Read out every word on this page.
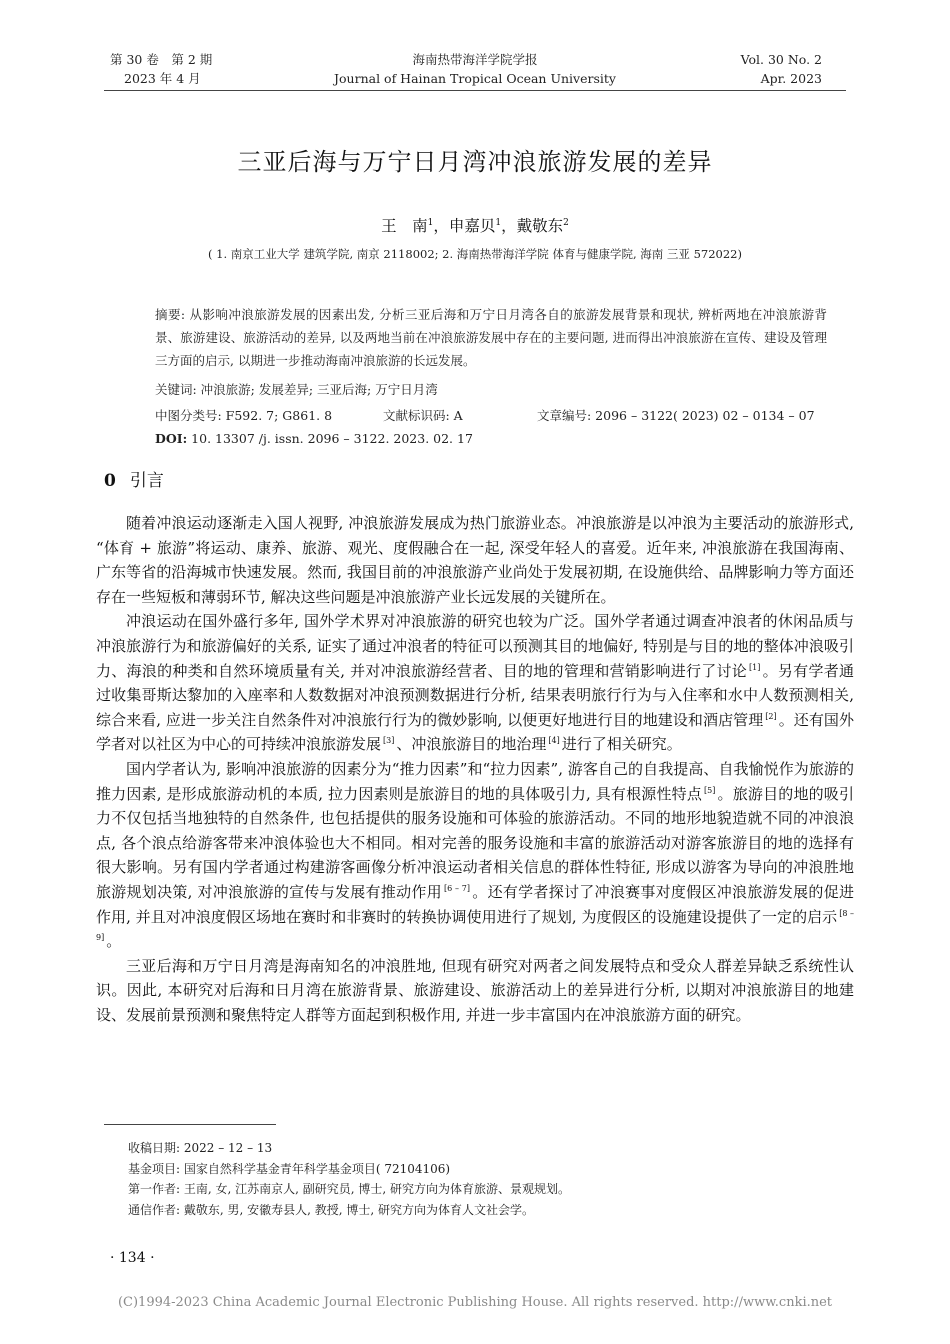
第 30 卷　第 2 期
2023 年 4 月
海南热带海洋学院学报
Journal of Hainan Tropical Ocean University
Vol. 30 No. 2
Apr. 2023
三亚后海与万宁日月湾冲浪旅游发展的差异
王　南$^1$，申嘉贝$^1$，戴敬东$^2$
( 1. 南京工业大学 建筑学院, 南京 2118002; 2. 海南热带海洋学院 体育与健康学院, 海南 三亚 572022)
摘要: 从影响冲浪旅游发展的因素出发, 分析三亚后海和万宁日月湾各自的旅游发展背景和现状, 辨析两地在冲浪旅游背景、旅游建设、旅游活动的差异, 以及两地当前在冲浪旅游发展中存在的主要问题, 进而得出冲浪旅游在宣传、建设及管理三方面的启示, 以期进一步推动海南冲浪旅游的长远发展。
关键词: 冲浪旅游; 发展差异; 三亚后海; 万宁日月湾
中图分类号: F592. 7; G861. 8	文献标识码: A	文章编号: 2096 – 3122( 2023) 02 – 0134 – 07
DOI: 10. 13307 /j. issn. 2096 – 3122. 2023. 02. 17
0 引言

随着冲浪运动逐渐走入国人视野, 冲浪旅游发展成为热门旅游业态。冲浪旅游是以冲浪为主要活动的旅游形式, “体育 + 旅游”将运动、康养、旅游、观光、度假融合在一起, 深受年轻人的喜爱。近年来, 冲浪旅游在我国海南、广东等省的沿海城市快速发展。然而, 我国目前的冲浪旅游产业尚处于发展初期, 在设施供给、品牌影响力等方面还存在一些短板和薄弱环节, 解决这些问题是冲浪旅游产业长远发展的关键所在。

冲浪运动在国外盛行多年, 国外学术界对冲浪旅游的研究也较为广泛。国外学者通过调查冲浪者的休闲品质与冲浪旅游行为和旅游偏好的关系, 证实了通过冲浪者的特征可以预测其目的地偏好, 特别是与目的地的整体冲浪吸引力、海浪的种类和自然环境质量有关, 并对冲浪旅游经营者、目的地的管理和营销影响进行了讨论 [1] 。另有学者通过收集哥斯达黎加的入座率和人数数据对冲浪预测数据进行分析, 结果表明旅行行为与入住率和水中人数预测相关, 综合来看, 应进一步关注自然条件对冲浪旅行行为的微妙影响, 以便更好地进行目的地建设和酒店管理 [2] 。还有国外学者对以社区为中心的可持续冲浪旅游发展 [3] 、冲浪旅游目的地治理 [4] 进行了相关研究。

国内学者认为, 影响冲浪旅游的因素分为“推力因素”和“拉力因素”, 游客自己的自我提高、自我愉悦作为旅游的推力因素, 是形成旅游动机的本质, 拉力因素则是旅游目的地的具体吸引力, 具有根源性特点 [5] 。旅游目的地的吸引力不仅包括当地独特的自然条件, 也包括提供的服务设施和可体验的旅游活动。不同的地形地貌造就不同的冲浪浪点, 各个浪点给游客带来冲浪体验也大不相同。相对完善的服务设施和丰富的旅游活动对游客旅游目的地的选择有很大影响。另有国内学者通过构建游客画像分析冲浪运动者相关信息的群体性特征, 形成以游客为导向的冲浪胜地旅游规划决策, 对冲浪旅游的宣传与发展有推动作用 [6 – 7] 。还有学者探讨了冲浪赛事对度假区冲浪旅游发展的促进作用, 并且对冲浪度假区场地在赛时和非赛时的转换协调使用进行了规划, 为度假区的设施建设提供了一定的启示 [8 – 9] 。

三亚后海和万宁日月湾是海南知名的冲浪胜地, 但现有研究对两者之间发展特点和受众人群差异缺乏系统性认识。因此, 本研究对后海和日月湾在旅游背景、旅游建设、旅游活动上的差异进行分析, 以期对冲浪旅游目的地建设、发展前景预测和聚焦特定人群等方面起到积极作用, 并进一步丰富国内在冲浪旅游方面的研究。

收稿日期: 2022 – 12 – 13
基金项目: 国家自然科学基金青年科学基金项目( 72104106)
第一作者: 王南, 女, 江苏南京人, 副研究员, 博士, 研究方向为体育旅游、景观规划。
通信作者: 戴敬东, 男, 安徽寿县人, 教授, 博士, 研究方向为体育人文社会学。
· 134 ·
(C)1994-2023 China Academic Journal Electronic Publishing House. All rights reserved. http://www.cnki.net
